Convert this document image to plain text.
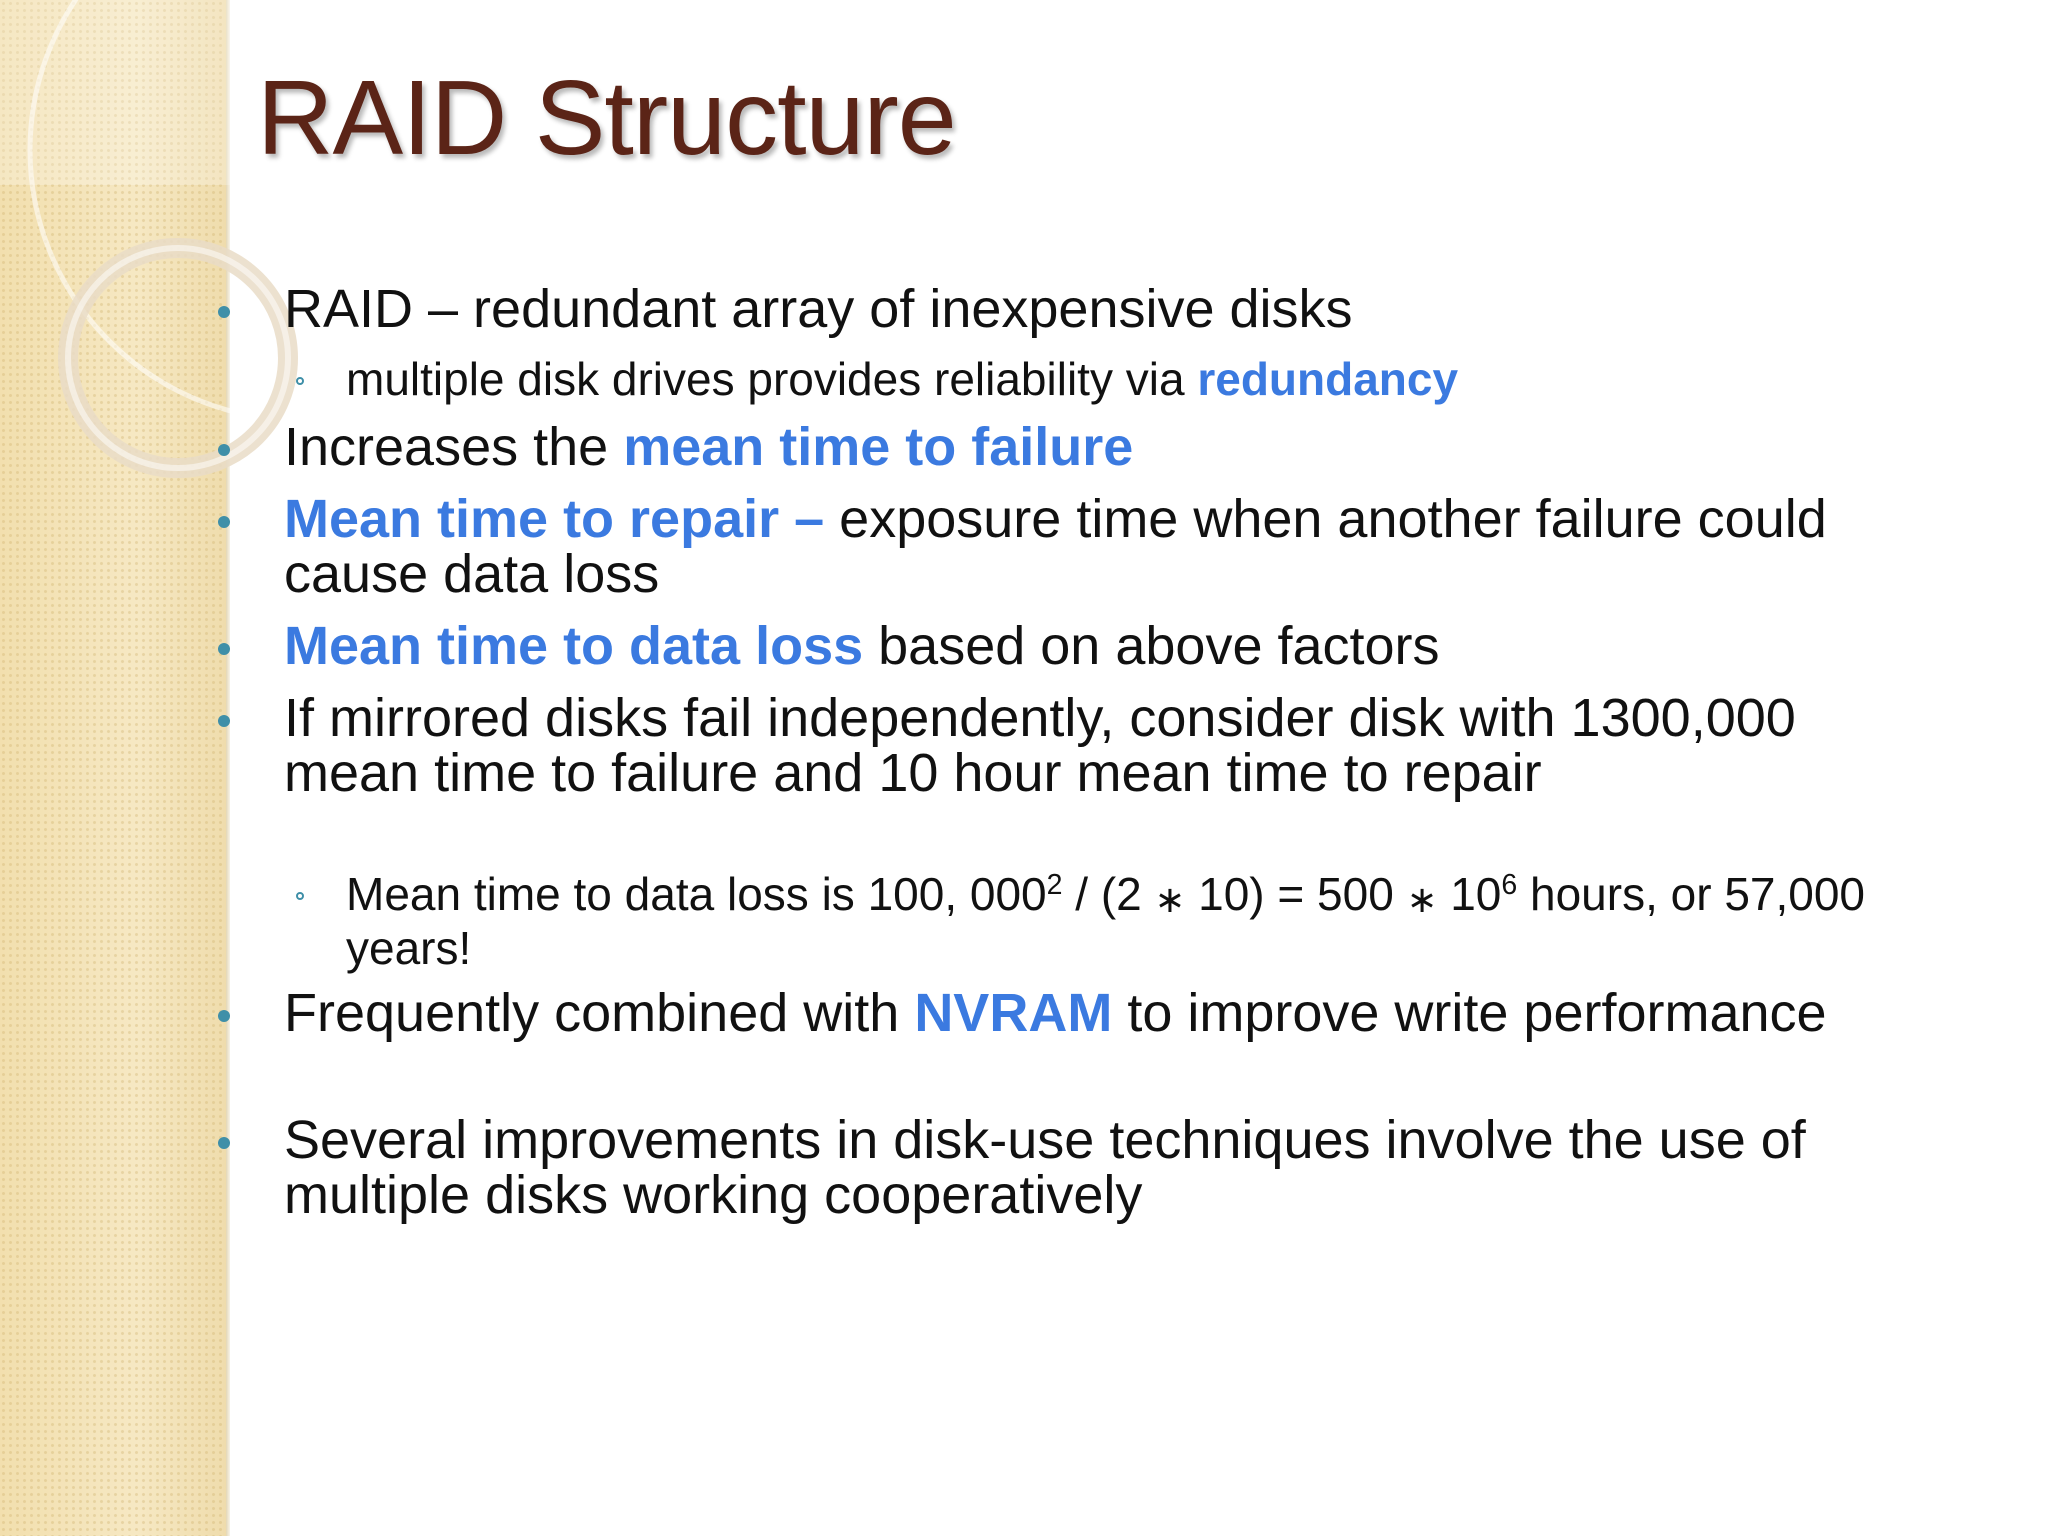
RAID Structure
RAID – redundant array of inexpensive disks
multiple disk drives provides reliability via redundancy
Increases the mean time to failure
Mean time to repair – exposure time when another failure could cause data loss
Mean time to data loss based on above factors
If mirrored disks fail independently, consider disk with 1300,000 mean time to failure and 10 hour mean time to repair
Mean time to data loss is 100, $000^2 / (2$ ∗ 10) = 500 ∗ $10^6$ hours, or 57,000 years!
Frequently combined with NVRAM to improve write performance
Several improvements in disk-use techniques involve the use of multiple disks working cooperatively
